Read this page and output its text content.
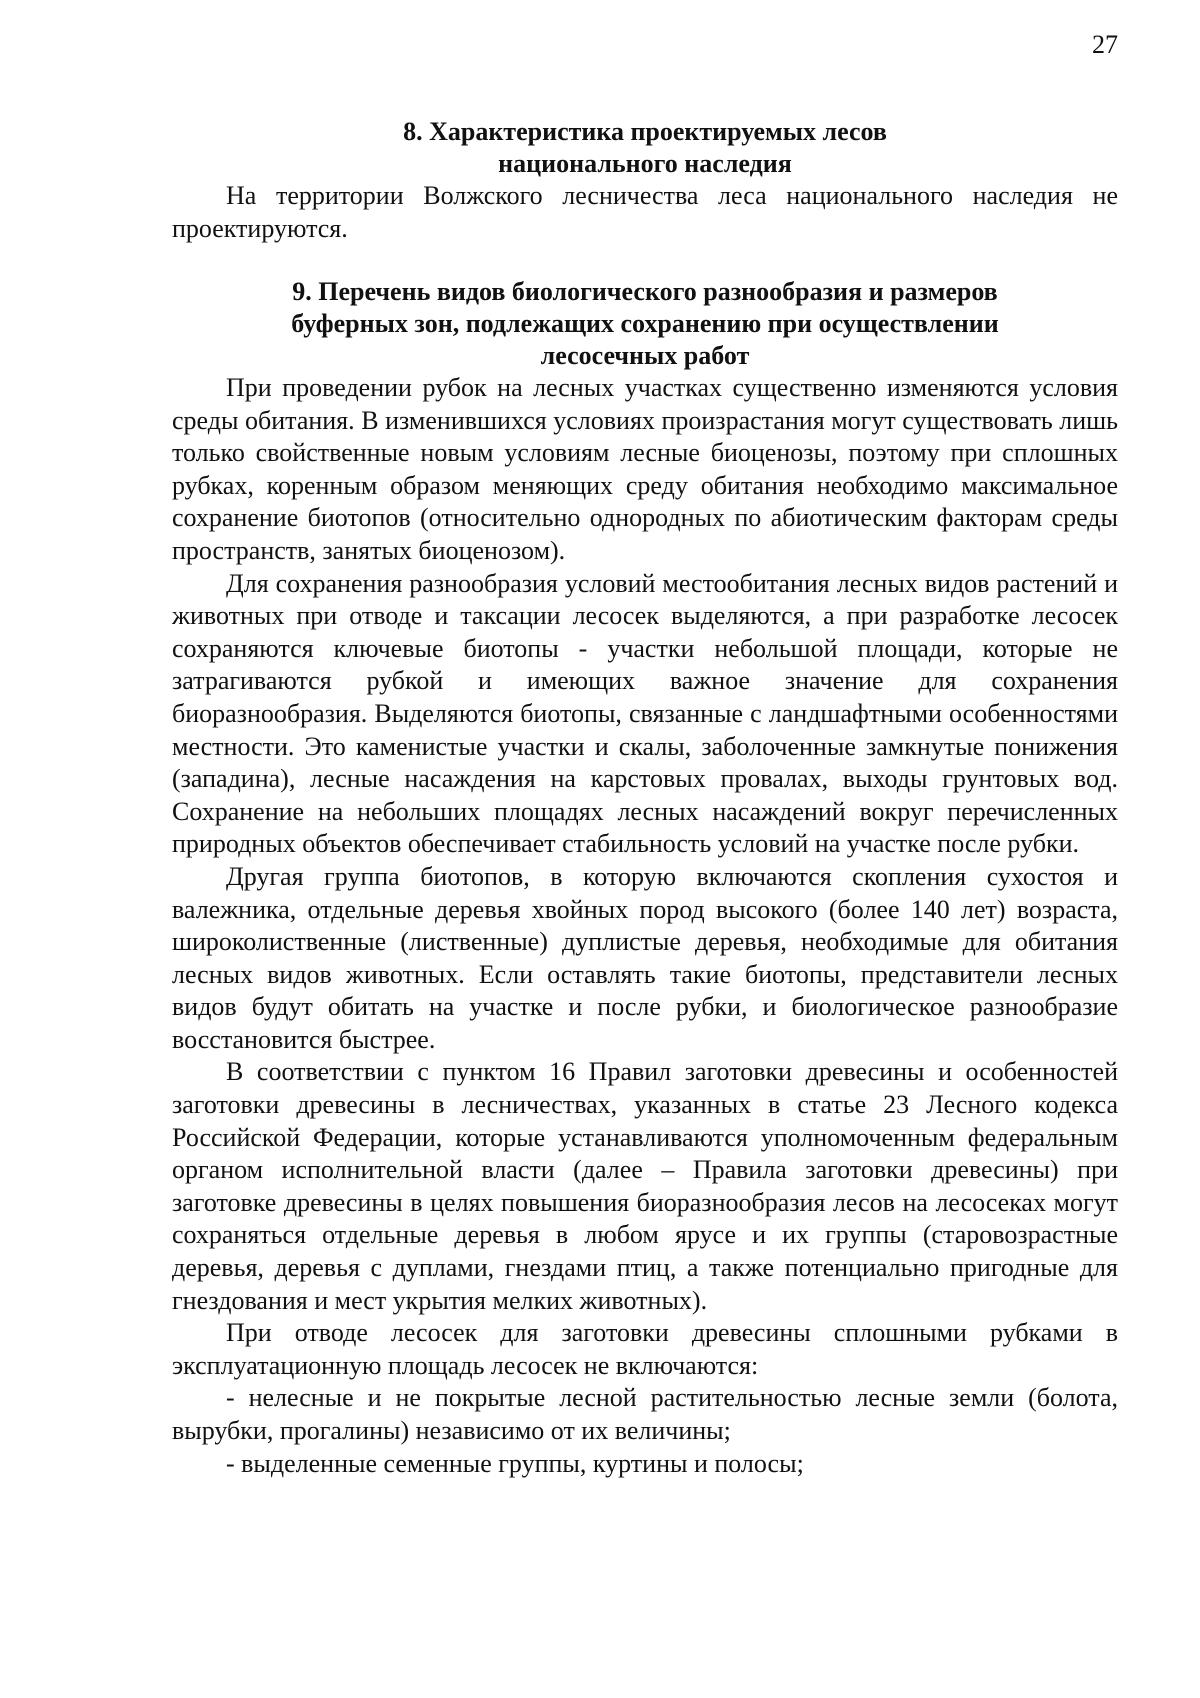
27
8. Характеристика проектируемых лесов
национального наследия

На территории Волжского лесничества леса национального наследия не проектируются.

9. Перечень видов биологического разнообразия и размеров
буферных зон, подлежащих сохранению при осуществлении
лесосечных работ

При проведении рубок на лесных участках существенно изменяются условия среды обитания. В изменившихся условиях произрастания могут существовать лишь только свойственные новым условиям лесные биоценозы, поэтому при сплошных рубках, коренным образом меняющих среду обитания необходимо максимальное сохранение биотопов (относительно однородных по абиотическим факторам среды пространств, занятых биоценозом).

Для сохранения разнообразия условий местообитания лесных видов растений и животных при отводе и таксации лесосек выделяются, а при разработке лесосек сохраняются ключевые биотопы - участки небольшой площади, которые не затрагиваются рубкой и имеющих важное значение для сохранения биоразнообразия. Выделяются биотопы, связанные с ландшафтными особенностями местности. Это каменистые участки и скалы, заболоченные замкнутые понижения (западина), лесные насаждения на карстовых провалах, выходы грунтовых вод. Сохранение на небольших площадях лесных насаждений вокруг перечисленных природных объектов обеспечивает стабильность условий на участке после рубки.

Другая группа биотопов, в которую включаются скопления сухостоя и валежника, отдельные деревья хвойных пород высокого (более 140 лет) возраста, широколиственные (лиственные) дуплистые деревья, необходимые для обитания лесных видов животных. Если оставлять такие биотопы, представители лесных видов будут обитать на участке и после рубки, и биологическое разнообразие восстановится быстрее.

В соответствии с пунктом 16 Правил заготовки древесины и особенностей заготовки древесины в лесничествах, указанных в статье 23 Лесного кодекса Российской Федерации, которые устанавливаются уполномоченным федеральным органом исполнительной власти (далее – Правила заготовки древесины) при заготовке древесины в целях повышения биоразнообразия лесов на лесосеках могут сохраняться отдельные деревья в любом ярусе и их группы (старовозрастные деревья, деревья с дуплами, гнездами птиц, а также потенциально пригодные для гнездования и мест укрытия мелких животных).

При отводе лесосек для заготовки древесины сплошными рубками в эксплуатационную площадь лесосек не включаются:

- нелесные и не покрытые лесной растительностью лесные земли (болота, вырубки, прогалины) независимо от их величины;

- выделенные семенные группы, куртины и полосы;
